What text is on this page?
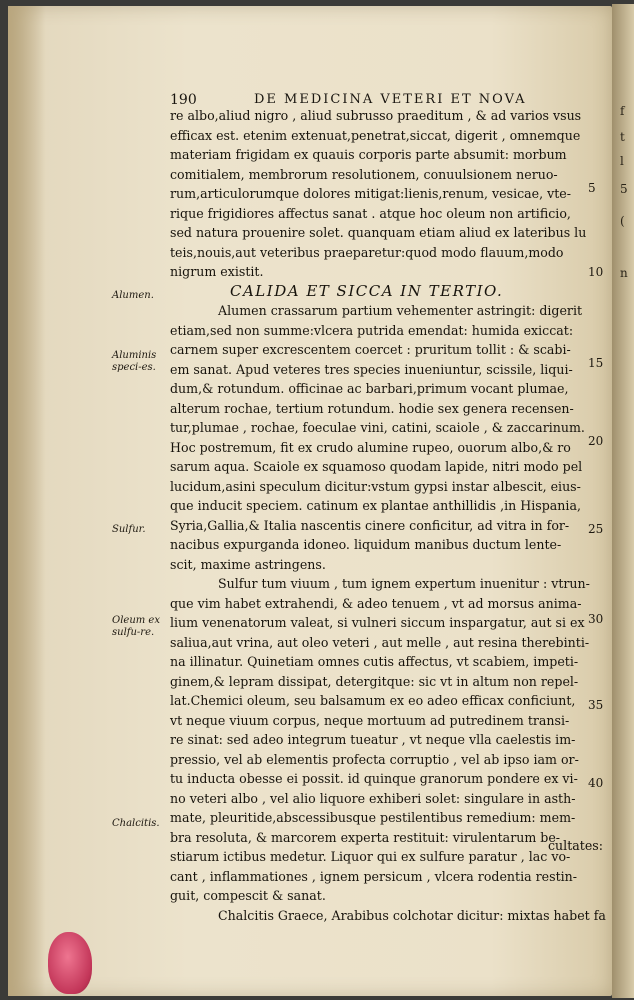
f
t
l
5
(
n
190	DE MEDICINA VETERI ET NOVA
re albo,aliud nigro , aliud subrusso praeditum , & ad varios vsus
efficax est. etenim extenuat,penetrat,siccat, digerit , omnemque
materiam frigidam ex quauis corporis parte absumit: morbum
comitialem, membrorum resolutionem, conuulsionem neruo-
rum,articulorumque dolores mitigat:lienis,renum, vesicae, vte-
rique frigidiores affectus sanat . atque hoc oleum non artificio,
sed natura prouenire solet. quanquam etiam aliud ex lateribus lu
teis,nouis,aut veteribus praeparetur:quod modo flauum,modo
nigrum existit.
CALIDA ET SICCA IN TERTIO.
Alumen crassarum partium vehementer astringit: digerit
etiam,sed non summe:vlcera putrida emendat: humida exiccat:
carnem super excrescentem coercet : pruritum tollit : & scabi-
em sanat. Apud veteres tres species inueniuntur, scissile, liqui-
dum,& rotundum. officinae ac barbari,primum vocant plumae,
alterum rochae, tertium rotundum. hodie sex genera recensen-
tur,plumae , rochae, foeculae vini, catini, scaiole , & zaccarinum.
Hoc postremum, fit ex crudo alumine rupeo, ouorum albo,& ro
sarum aqua. Scaiole ex squamoso quodam lapide, nitri modo pel
lucidum,asini speculum dicitur:vstum gypsi instar albescit, eius-
que inducit speciem. catinum ex plantae anthillidis ,in Hispania,
Syria,Gallia,& Italia nascentis cinere conficitur, ad vitra in for-
nacibus expurganda idoneo. liquidum manibus ductum lente-
scit, maxime astringens.
Sulfur tum viuum , tum ignem expertum inuenitur : vtrun-
que vim habet extrahendi, & adeo tenuem , vt ad morsus anima-
lium venenatorum valeat, si vulneri siccum inspargatur, aut si ex
saliua,aut vrina, aut oleo veteri , aut melle , aut resina therebinti-
na illinatur. Quinetiam omnes cutis affectus, vt scabiem, impeti-
ginem,& lepram dissipat, detergitque: sic vt in altum non repel-
lat.Chemici oleum, seu balsamum ex eo adeo efficax conficiunt,
vt neque viuum corpus, neque mortuum ad putredinem transi-
re sinat: sed adeo integrum tueatur , vt neque vlla caelestis im-
pressio, vel ab elementis profecta corruptio , vel ab ipso iam or-
tu inducta obesse ei possit. id quinque granorum pondere ex vi-
no veteri albo , vel alio liquore exhiberi solet: singulare in asth-
mate, pleuritide,abscessibusque pestilentibus remedium: mem-
bra resoluta, & marcorem experta restituit: virulentarum be-
stiarum ictibus medetur. Liquor qui ex sulfure paratur , lac vo-
cant , inflammationes , ignem persicum , vlcera rodentia restin-
guit, compescit & sanat.
Chalcitis Graece, Arabibus colchotar dicitur: mixtas habet fa
cultates:
Alumen.
Aluminis speci-es.
Sulfur.
Oleum ex sulfu-re.
Chalcitis.
5
10
15
20
25
30
35
40
